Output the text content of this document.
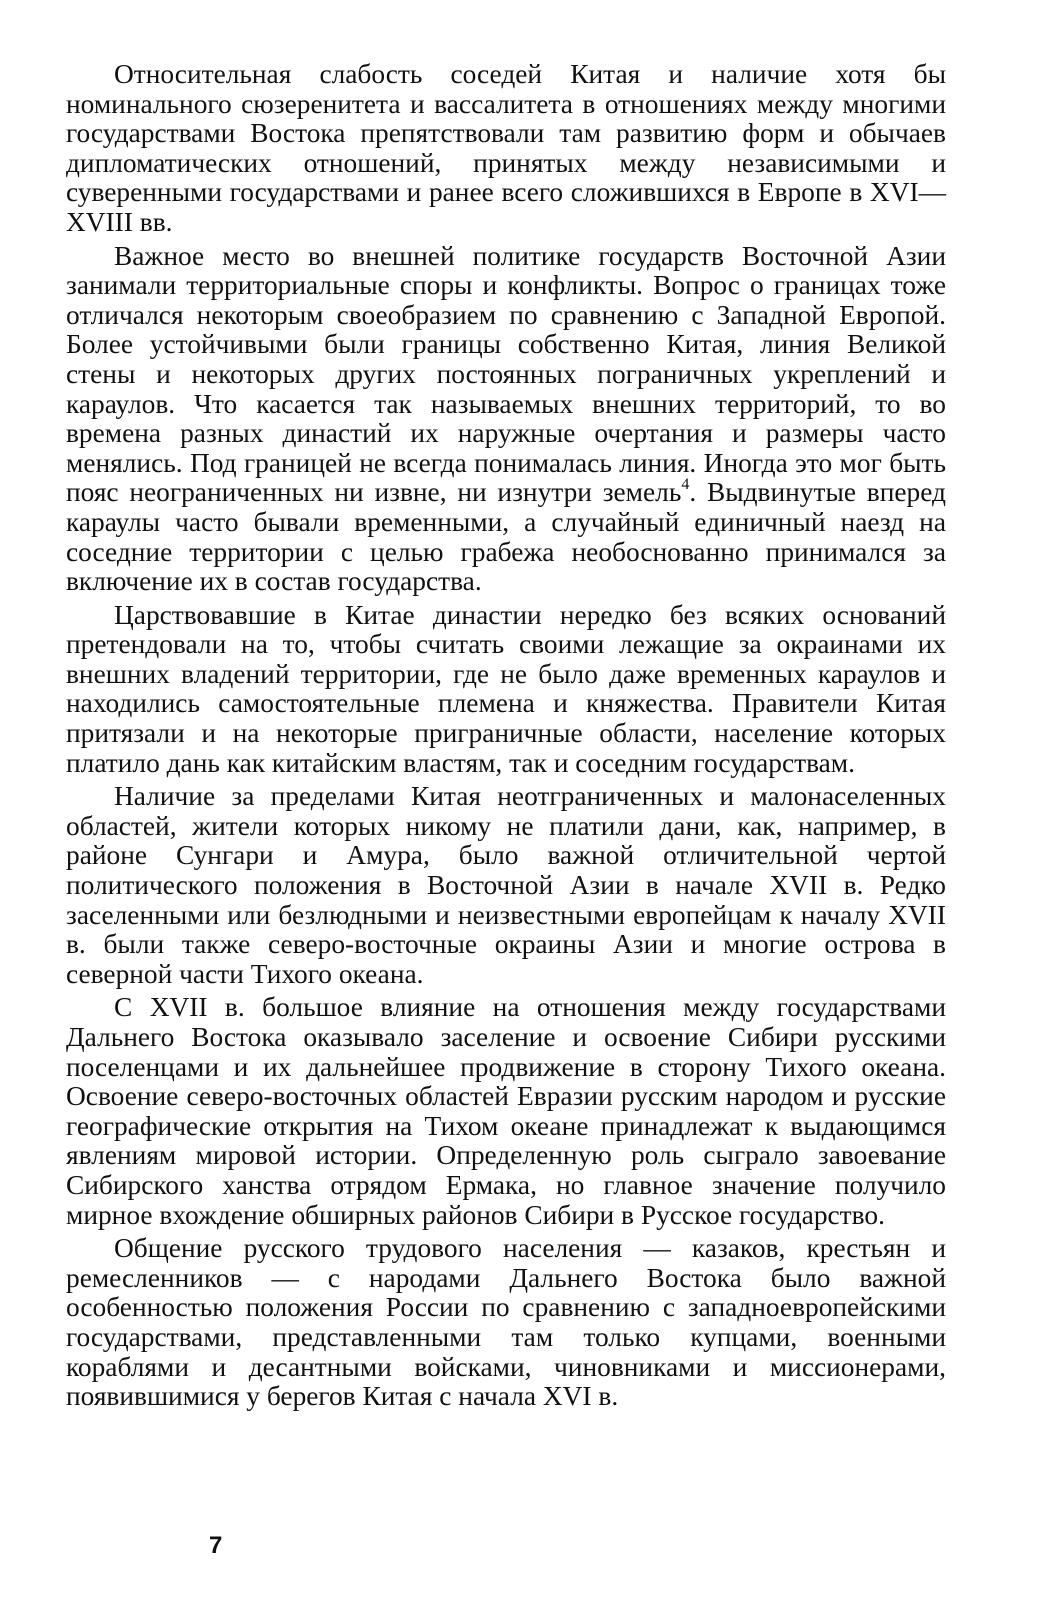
Относительная слабость соседей Китая и наличие хотя бы номинального сюзеренитета и вассалитета в отношениях между многими государствами Востока препятствовали там развитию форм и обычаев дипломатических отношений, принятых между независимыми и суверенными государствами и ранее всего сложившихся в Европе в XVI—XVIII вв.

Важное место во внешней политике государств Восточной Азии занимали территориальные споры и конфликты. Вопрос о границах тоже отличался некоторым своеобразием по сравнению с Западной Европой. Более устойчивыми были границы собственно Китая, линия Великой стены и некоторых других постоянных пограничных укреплений и караулов. Что касается так называемых внешних территорий, то во времена разных династий их наружные очертания и размеры часто менялись. Под границей не всегда понималась линия. Иногда это мог быть пояс неограниченных ни извне, ни изнутри земель$^4$. Выдвинутые вперед караулы часто бывали временными, а случайный единичный наезд на соседние территории с целью грабежа необоснованно принимался за включение их в состав государства.

Царствовавшие в Китае династии нередко без всяких оснований претендовали на то, чтобы считать своими лежащие за окраинами их внешних владений территории, где не было даже временных караулов и находились самостоятельные племена и княжества. Правители Китая притязали и на некоторые приграничные области, население которых платило дань как китайским властям, так и соседним государствам.

Наличие за пределами Китая неотграниченных и малонаселенных областей, жители которых никому не платили дани, как, например, в районе Сунгари и Амура, было важной отличительной чертой политического положения в Восточной Азии в начале XVII в. Редко заселенными или безлюдными и неизвестными европейцам к началу XVII в. были также северо-восточные окраины Азии и многие острова в северной части Тихого океана.

С XVII в. большое влияние на отношения между государствами Дальнего Востока оказывало заселение и освоение Сибири русскими поселенцами и их дальнейшее продвижение в сторону Тихого океана. Освоение северо-восточных областей Евразии русским народом и русские географические открытия на Тихом океане принадлежат к выдающимся явлениям мировой истории. Определенную роль сыграло завоевание Сибирского ханства отрядом Ермака, но главное значение получило мирное вхождение обширных районов Сибири в Русское государство.

Общение русского трудового населения — казаков, крестьян и ремесленников — с народами Дальнего Востока было важной особенностью положения России по сравнению с западноевропейскими государствами, представленными там только купцами, военными кораблями и десантными войсками, чиновниками и миссионерами, появившимися у берегов Китая с начала XVI в.

7
